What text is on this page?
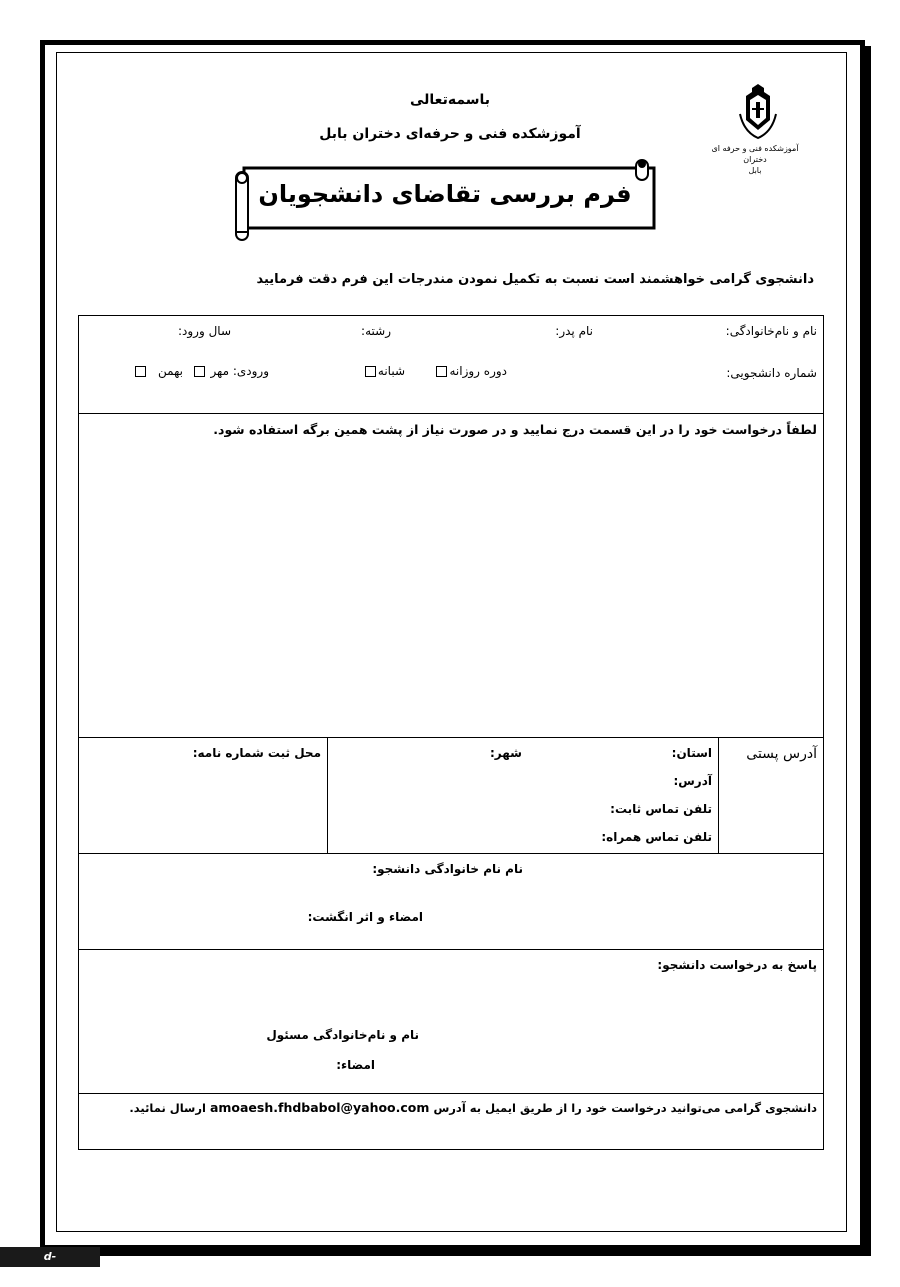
باسمه‌تعالی
آموزشکده فنی و حرفه‌ای دختران بابل
آموزشکده فنی و حرفه ای دختران
بابل
فرم بررسی تقاضای دانشجویان
دانشجوی گرامی خواهشمند است نسبت به تکمیل نمودن مندرجات این فرم دقت فرمایید
نام و نام‌خانوادگی:
نام پدر:
رشته:
سال ورود:
شماره دانشجویی:
دوره روزانه
شبانه
ورودی: مهر
بهمن

لطفاً درخواست خود را در این قسمت درج نمایید و در صورت نیاز از پشت همین برگه استفاده شود.

آدرس پستی

استان:
شهر:
آدرس:
تلفن تماس ثابت:
تلفن تماس همراه:

محل ثبت شماره نامه:

نام نام خانوادگی دانشجو:
امضاء و اثر انگشت:

پاسخ به درخواست دانشجو:
نام و نام‌خانوادگی مسئول
امضاء:

دانشجوی گرامی می‌توانید درخواست خود را از طریق ایمیل به آدرس amoaesh.fhdbabol@yahoo.com ارسال نمائید.
d-babol.nus.ac.ir
